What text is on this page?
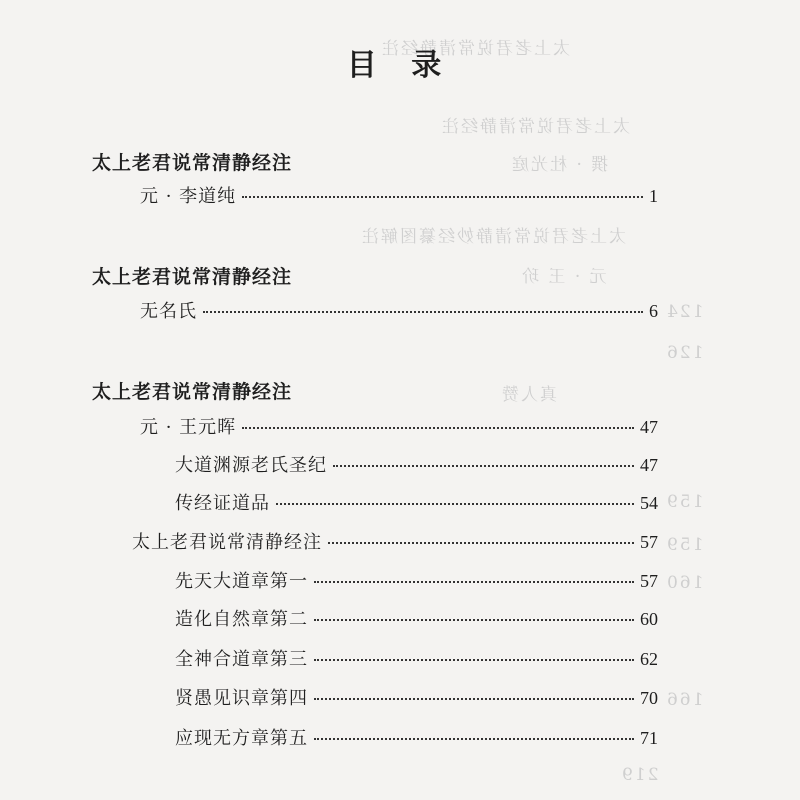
太上老君说常清静经注
太上老君说常清静经注
撰 · 杜光庭
太上老君说常清静妙经纂图解注
元 · 王 玠
真人赞
124
126
159
159
160
166
219
目 录
太上老君说常清静经注
元 · 李道纯	1
太上老君说常清静经注
无名氏	6
太上老君说常清静经注
元 · 王元晖	47
大道渊源老氏圣纪	47
传经证道品	54
太上老君说常清静经注	57
先天大道章第一	57
造化自然章第二	60
全神合道章第三	62
贤愚见识章第四	70
应现无方章第五	71
